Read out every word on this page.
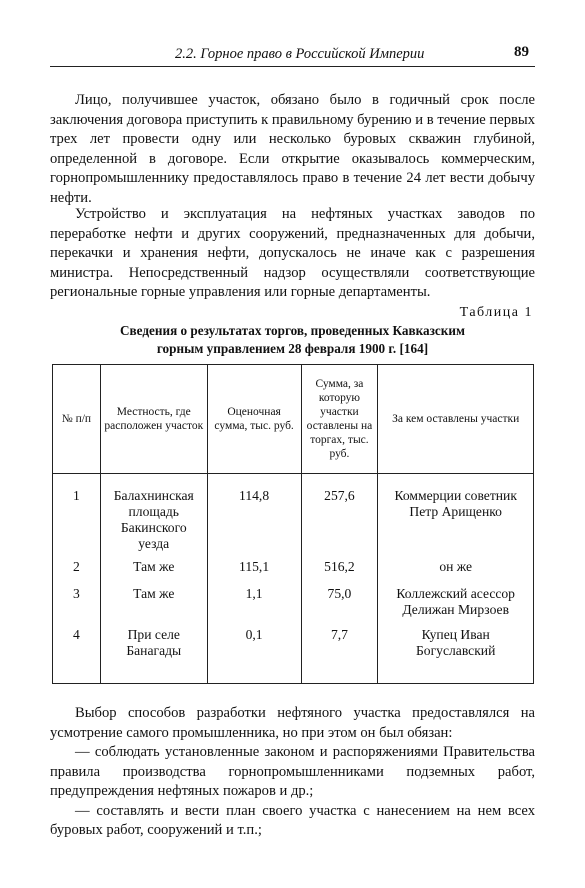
2.2. Горное право в Российской Империи	89

Лицо, получившее участок, обязано было в годичный срок после заключения договора приступить к правильному бурению и в течение первых трех лет провести одну или несколько буровых скважин глубиной, определенной в договоре. Если открытие оказывалось коммерческим, горнопромышленнику предоставлялось право в течение 24 лет вести добычу нефти.

Устройство и эксплуатация на нефтяных участках заводов по переработке нефти и других сооружений, предназначенных для добычи, перекачки и хранения нефти, допускалось не иначе как с разрешения министра. Непосредственный надзор осуществляли соответствующие региональные горные управления или горные департаменты.

Таблица 1
Сведения о результатах торгов, проведенных Кавказским
горным управлением 28 февраля 1900 г. [164]
№ п/п	Местность, где расположен участок	Оценочная сумма, тыс. руб.	Сумма, за которую участки оставлены на торгах, тыс. руб.	За кем оставлены участки
1	Балахнинская площадь Бакинского уезда	114,8	257,6	Коммерции советник Петр Арищенко
2	Там же	115,1	516,2	он же
3	Там же	1,1	75,0	Коллежский асессор Делижан Мирзоев
4	При селе Банагады	0,1	7,7	Купец Иван Богуславский

Выбор способов разработки нефтяного участка предоставлялся на усмотрение самого промышленника, но при этом он был обязан:

— соблюдать установленные законом и распоряжениями Правительства правила производства горнопромышленниками подземных работ, предупреждения нефтяных пожаров и др.;

— составлять и вести план своего участка с нанесением на нем всех буровых работ, сооружений и т.п.;
